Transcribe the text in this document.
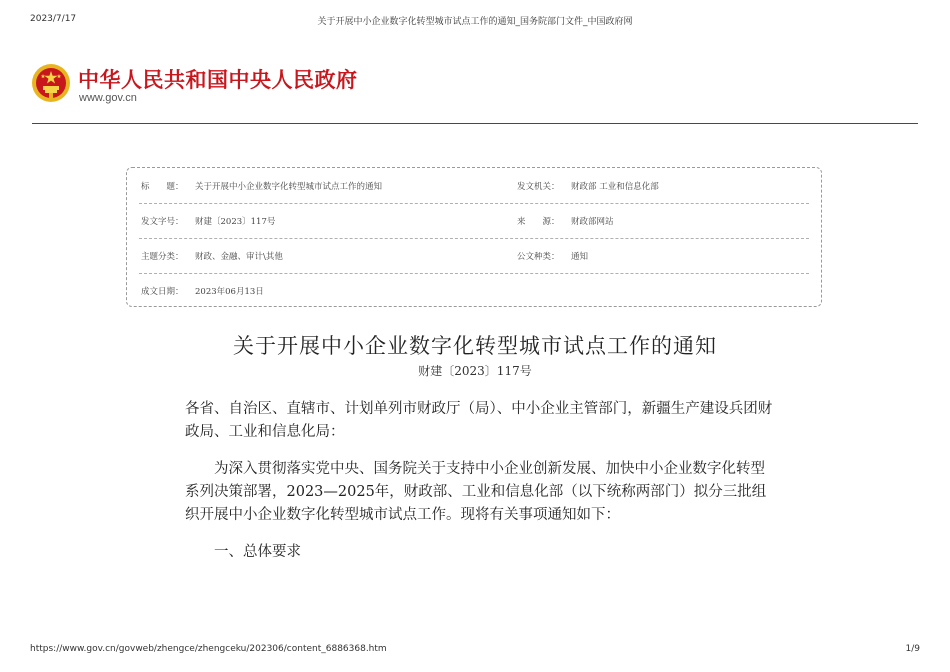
2023/7/17	关于开展中小企业数字化转型城市试点工作的通知_国务院部门文件_中国政府网
中华人民共和国中央人民政府
www.gov.cn
标　　题： 关于开展中小企业数字化转型城市试点工作的通知	发文机关： 财政部 工业和信息化部
发文字号： 财建〔2023〕117号	来　　源： 财政部网站
主题分类： 财政、金融、审计\其他	公文种类： 通知
成文日期： 2023年06月13日
关于开展中小企业数字化转型城市试点工作的通知
财建〔2023〕117号

各省、自治区、直辖市、计划单列市财政厅（局）、中小企业主管部门，新疆生产建设兵团财政局、工业和信息化局：

为深入贯彻落实党中央、国务院关于支持中小企业创新发展、加快中小企业数字化转型系列决策部署，2023—2025年，财政部、工业和信息化部（以下统称两部门）拟分三批组织开展中小企业数字化转型城市试点工作。现将有关事项通知如下：

一、总体要求

https://www.gov.cn/govweb/zhengce/zhengceku/202306/content_6886368.htm	1/9
